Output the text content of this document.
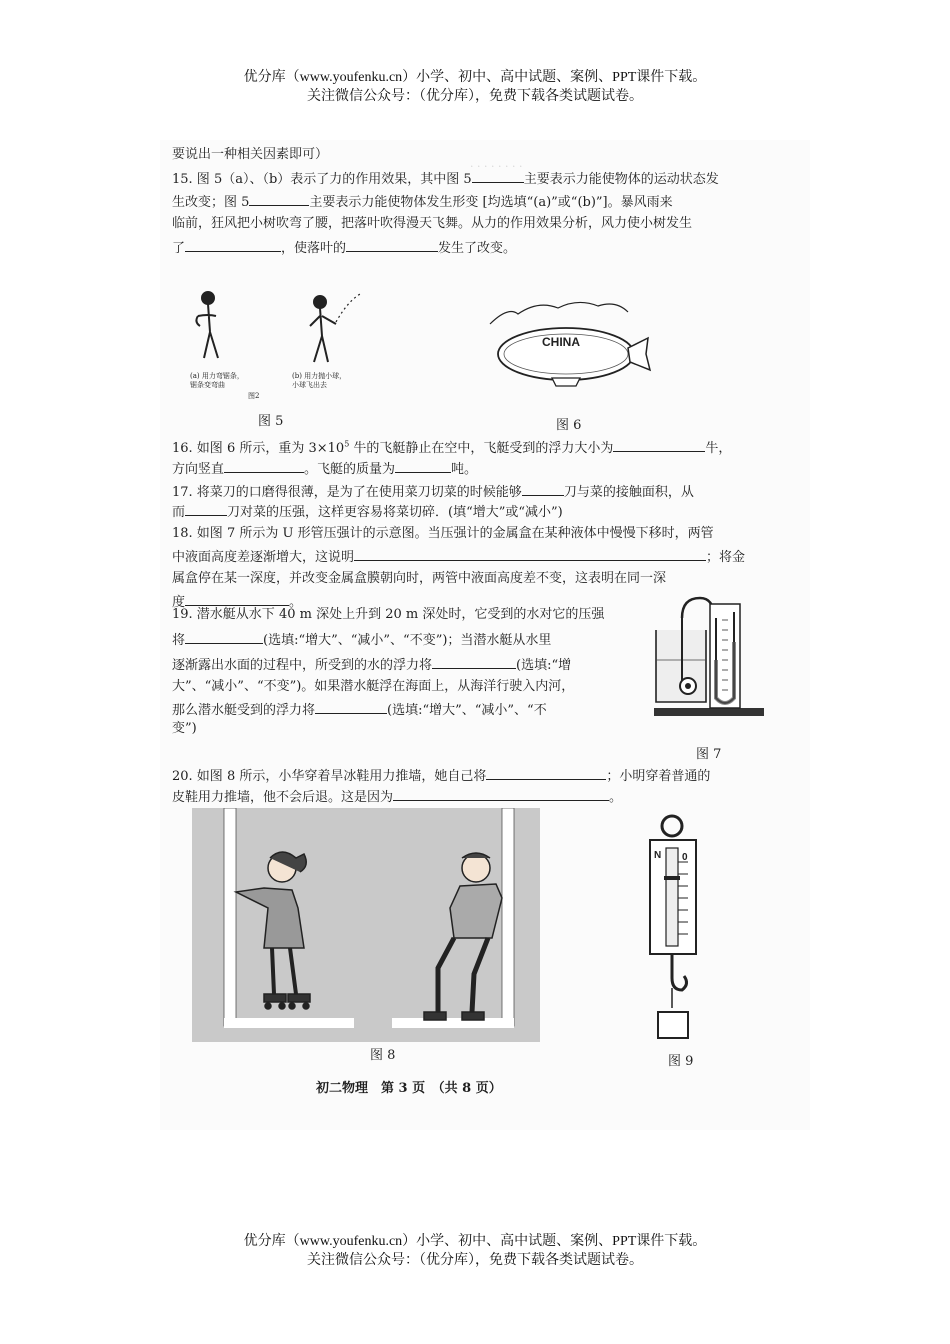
优分库（www.youfenku.cn）小学、初中、高中试题、案例、PPT课件下载。
关注微信公众号：（优分库），免费下载各类试题试卷。
· · · · · · · ·
要说出一种相关因素即可）
15. 图 5（a）、（b）表示了力的作用效果，其中图 5	主要表示力能使物体的运动状态发
生改变；图 5	主要表示力能使物体发生形变 [均选填“(a)”或“(b)”]。暴风雨来
临前，狂风把小树吹弯了腰，把落叶吹得漫天飞舞。从力的作用效果分析，风力使小树发生
了	，使落叶的	发生了改变。
(a) 用力弯锯条，
锯条变弯曲
(b) 用力抛小球，
小球飞出去
图2
图 5
CHINA
图 6
16. 如图 6 所示，重为 $3\times 10^5$ 牛的飞艇静止在空中，飞艇受到的浮力大小为	牛，
方向竖直	。飞艇的质量为	吨。
17. 将菜刀的口磨得很薄，是为了在使用菜刀切菜的时候能够	刀与菜的接触面积，从
而	刀对菜的压强，这样更容易将菜切碎．(填“增大”或“减小”)
18. 如图 7 所示为 U 形管压强计的示意图。当压强计的金属盒在某种液体中慢慢下移时，两管
中液面高度差逐渐增大，这说明	；将金
属盒停在某一深度，并改变金属盒膜朝向时，两管中液面高度差不变，这表明在同一深
度	。
19. 潜水艇从水下 40 m 深处上升到 20 m 深处时，它受到的水对它的压强
将	(选填:“增大”、“减小”、“不变”)；当潜水艇从水里
逐渐露出水面的过程中，所受到的水的浮力将	(选填:“增
大”、“减小”、“不变”)。如果潜水艇浮在海面上，从海洋行驶入内河，
那么潜水艇受到的浮力将	(选填:“增大”、“减小”、“不
变”)
图 7
20. 如图 8 所示，小华穿着旱冰鞋用力推墙，她自己将	；小明穿着普通的
皮鞋用力推墙，他不会后退。这是因为	。
图 8
N 0
图 9
初二物理　第 3 页　（共 8 页）
优分库（www.youfenku.cn）小学、初中、高中试题、案例、PPT课件下载。
关注微信公众号：（优分库），免费下载各类试题试卷。
